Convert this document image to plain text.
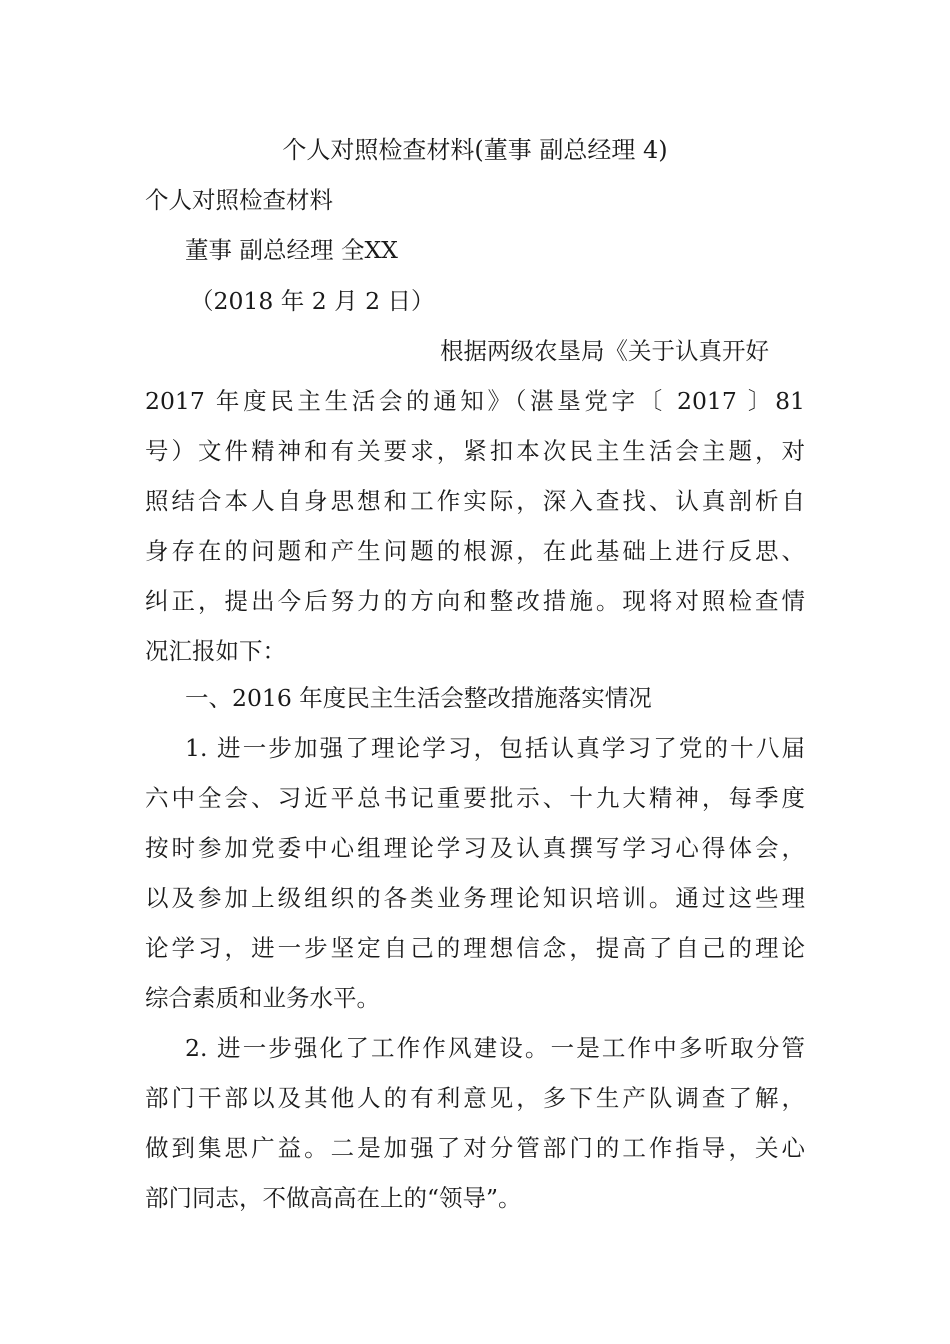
个人对照检查材料(董事 副总经理 4)
个人对照检查材料
董事 副总经理 全XX
（2018 年 2 月 2 日）
根据两级农垦局《关于认真开好
2017 年度民主生活会的通知》（湛垦党字〔 2017 〕81
号）文件精神和有关要求，紧扣本次民主生活会主题，对
照结合本人自身思想和工作实际，深入查找、认真剖析自
身存在的问题和产生问题的根源，在此基础上进行反思、
纠正，提出今后努力的方向和整改措施。现将对照检查情
况汇报如下：
一、2016 年度民主生活会整改措施落实情况
1. 进一步加强了理论学习，包括认真学习了党的十八届
六中全会、习近平总书记重要批示、十九大精神，每季度
按时参加党委中心组理论学习及认真撰写学习心得体会，
以及参加上级组织的各类业务理论知识培训。通过这些理
论学习，进一步坚定自己的理想信念，提高了自己的理论
综合素质和业务水平。
2. 进一步强化了工作作风建设。一是工作中多听取分管
部门干部以及其他人的有利意见，多下生产队调查了解，
做到集思广益。二是加强了对分管部门的工作指导，关心
部门同志，不做高高在上的“领导”。
